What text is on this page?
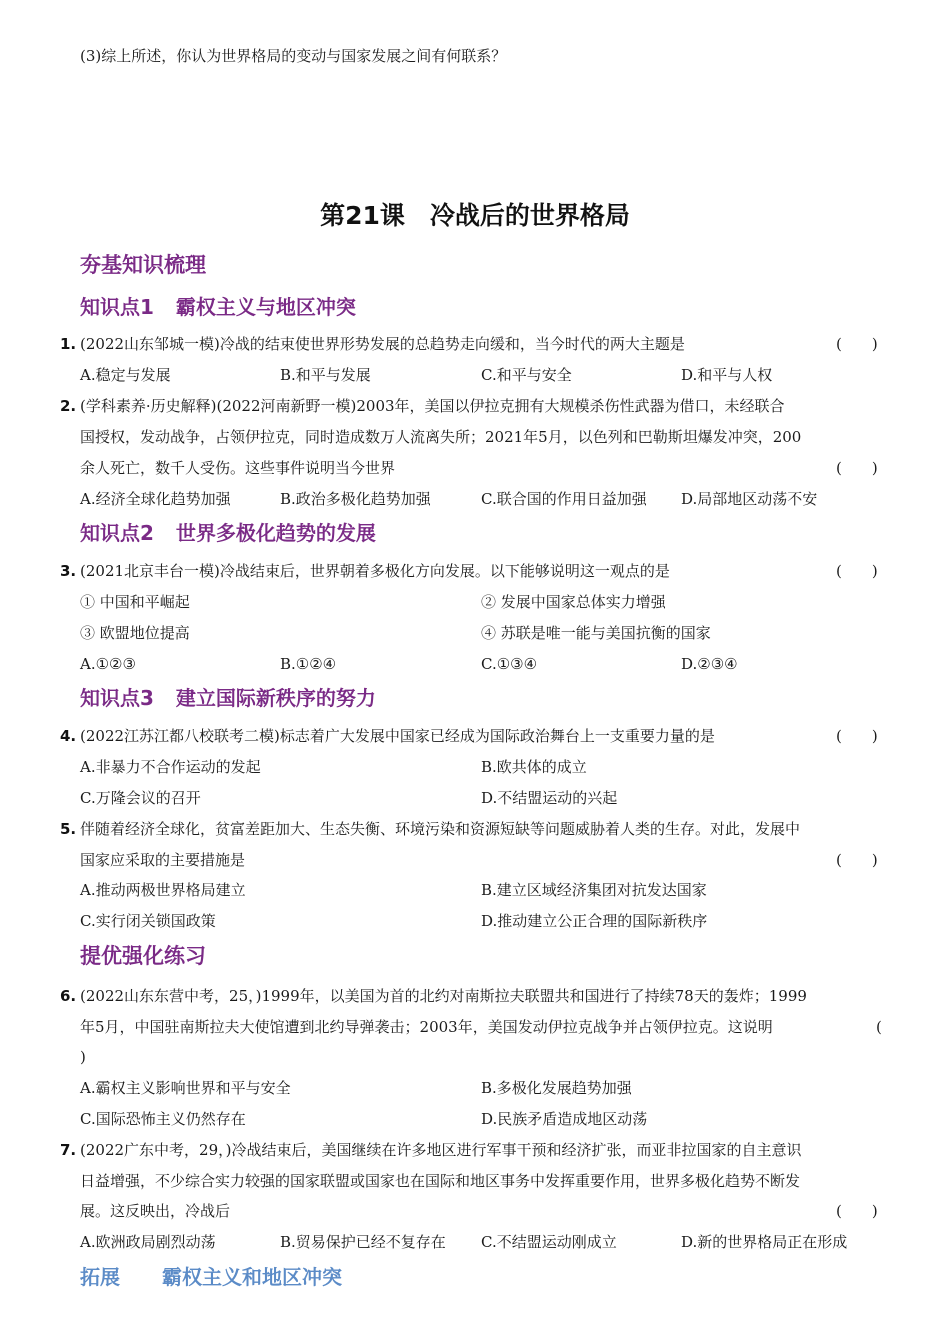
(3)综上所述，你认为世界格局的变动与国家发展之间有何联系？
第21课　冷战后的世界格局
夯基知识梳理
知识点1 霸权主义与地区冲突
1. (2022山东邹城一模)冷战的结束使世界形势发展的总趋势走向缓和，当今时代的两大主题是	(　　)
A.稳定与发展	B.和平与发展	C.和平与安全	D.和平与人权
2. (学科素养·历史解释)(2022河南新野一模)2003年，美国以伊拉克拥有大规模杀伤性武器为借口，未经联合
国授权，发动战争，占领伊拉克，同时造成数万人流离失所；2021年5月，以色列和巴勒斯坦爆发冲突，200
余人死亡，数千人受伤。这些事件说明当今世界	(　　)
A.经济全球化趋势加强	B.政治多极化趋势加强	C.联合国的作用日益加强 D.局部地区动荡不安
知识点2 世界多极化趋势的发展
3. (2021北京丰台一模)冷战结束后，世界朝着多极化方向发展。以下能够说明这一观点的是	(　　)
① 中国和平崛起	② 发展中国家总体实力增强
③ 欧盟地位提高	④ 苏联是唯一能与美国抗衡的国家
A.①②③	B.①②④	C.①③④	D.②③④
知识点3 建立国际新秩序的努力
4. (2022江苏江都八校联考二模)标志着广大发展中国家已经成为国际政治舞台上一支重要力量的是	(　　)
A.非暴力不合作运动的发起	B.欧共体的成立
C.万隆会议的召开	D.不结盟运动的兴起
5. 伴随着经济全球化，贫富差距加大、生态失衡、环境污染和资源短缺等问题威胁着人类的生存。对此，发展中
国家应采取的主要措施是	(　　)
A.推动两极世界格局建立	B.建立区域经济集团对抗发达国家
C.实行闭关锁国政策	D.推动建立公正合理的国际新秩序
提优强化练习
6. (2022山东东营中考，25，)1999年，以美国为首的北约对南斯拉夫联盟共和国进行了持续78天的轰炸；1999
年5月，中国驻南斯拉夫大使馆遭到北约导弹袭击；2003年，美国发动伊拉克战争并占领伊拉克。这说明	(
)
A.霸权主义影响世界和平与安全	B.多极化发展趋势加强
C.国际恐怖主义仍然存在	D.民族矛盾造成地区动荡
7. (2022广东中考，29，)冷战结束后，美国继续在许多地区进行军事干预和经济扩张，而亚非拉国家的自主意识
日益增强，不少综合实力较强的国家联盟或国家也在国际和地区事务中发挥重要作用，世界多极化趋势不断发
展。这反映出，冷战后	(　　)
A.欧洲政局剧烈动荡	B.贸易保护已经不复存在 C.不结盟运动刚成立	D.新的世界格局正在形成
拓展 霸权主义和地区冲突
